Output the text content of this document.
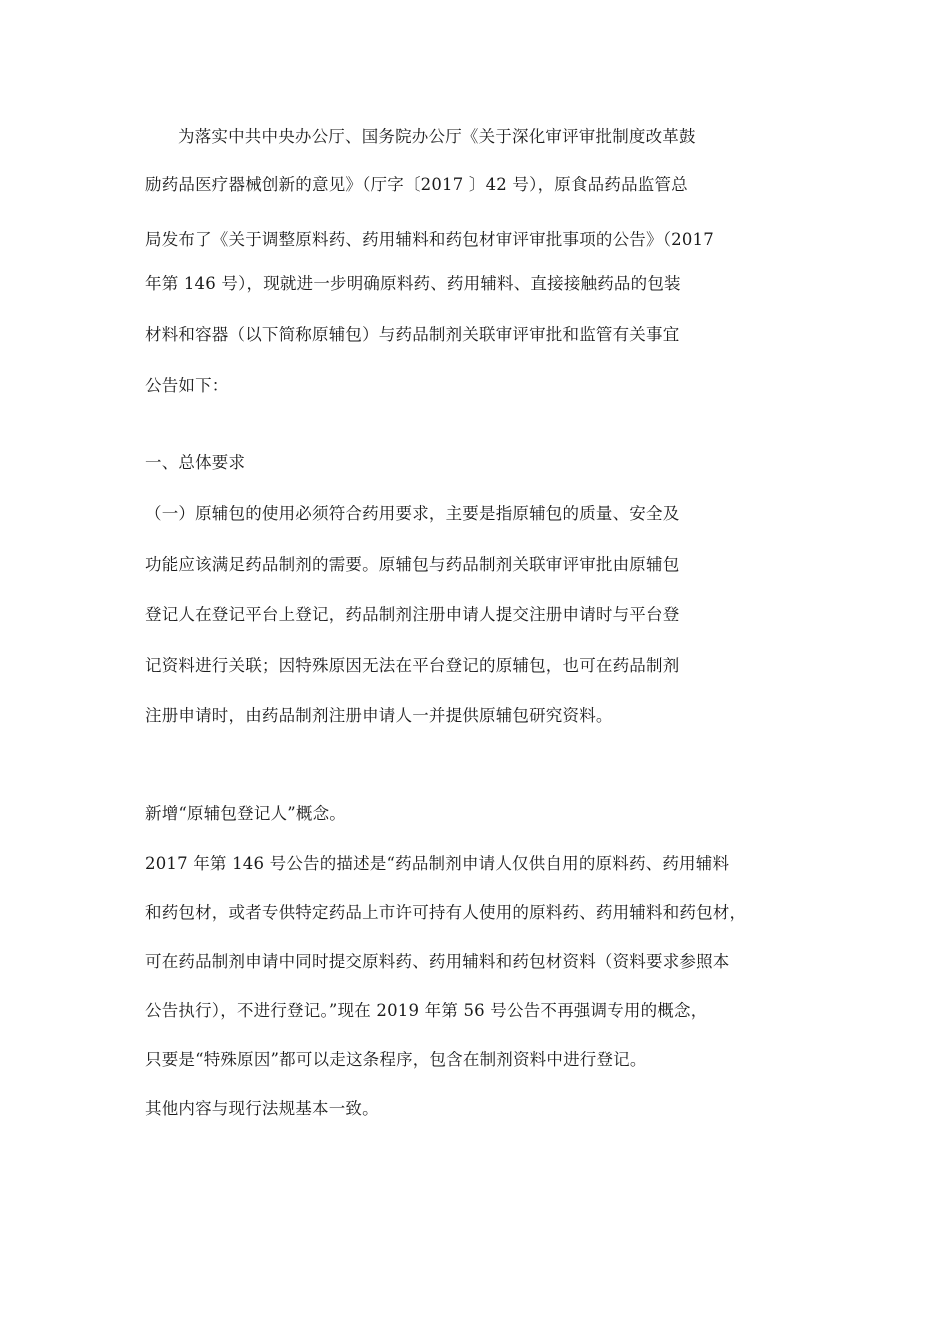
为落实中共中央办公厅、国务院办公厅《关于深化审评审批制度改革鼓
励药品医疗器械创新的意见》（厅字〔2017 〕42 号），原食品药品监管总
局发布了《关于调整原料药、药用辅料和药包材审评审批事项的公告》（2017
年第 146 号），现就进一步明确原料药、药用辅料、直接接触药品的包装
材料和容器（以下简称原辅包）与药品制剂关联审评审批和监管有关事宜
公告如下：
一、总体要求
（一）原辅包的使用必须符合药用要求，主要是指原辅包的质量、安全及
功能应该满足药品制剂的需要。原辅包与药品制剂关联审评审批由原辅包
登记人在登记平台上登记，药品制剂注册申请人提交注册申请时与平台登
记资料进行关联；因特殊原因无法在平台登记的原辅包，也可在药品制剂
注册申请时，由药品制剂注册申请人一并提供原辅包研究资料。
新增“原辅包登记人”概念。
2017 年第 146 号公告的描述是“药品制剂申请人仅供自用的原料药、药用辅料
和药包材，或者专供特定药品上市许可持有人使用的原料药、药用辅料和药包材，
可在药品制剂申请中同时提交原料药、药用辅料和药包材资料（资料要求参照本
公告执行），不进行登记。”现在 2019 年第 56 号公告不再强调专用的概念，
只要是“特殊原因”都可以走这条程序，包含在制剂资料中进行登记。
其他内容与现行法规基本一致。
